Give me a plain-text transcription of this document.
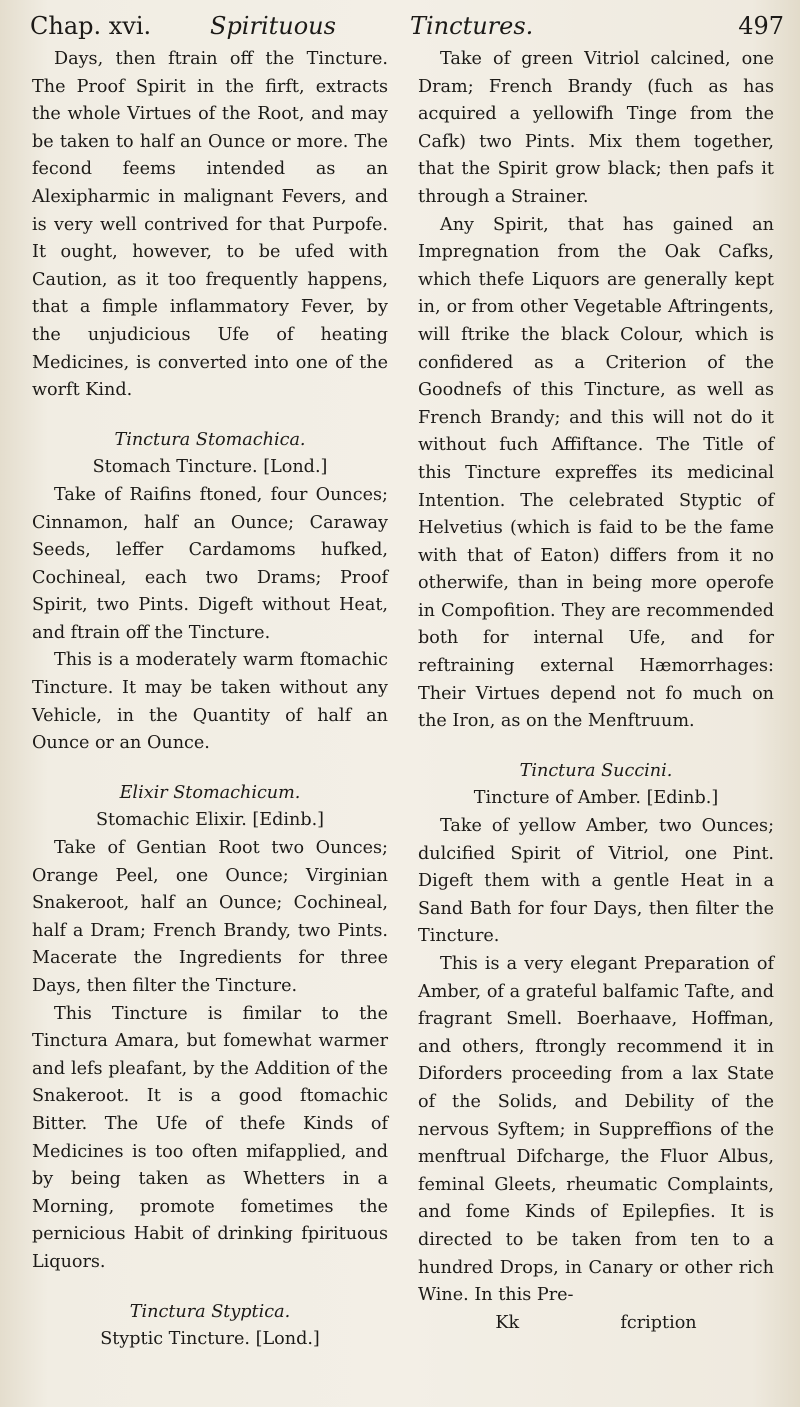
Chap. xvi. Spirituous	Tinctures.	497

Days, then ftrain off the Tincture. The Proof Spirit in the firft, extracts the whole Virtues of the Root, and may be taken to half an Ounce or more. The fecond feems intended as an Alexipharmic in malignant Fevers, and is very well contrived for that Purpofe. It ought, however, to be ufed with Caution, as it too frequently happens, that a fimple inflammatory Fever, by the unjudicious Ufe of heating Medicines, is converted into one of the worft Kind.

Tinctura Stomachica.

Stomach Tincture. [Lond.]

Take of Raifins ftoned, four Ounces; Cinnamon, half an Ounce; Caraway Seeds, leffer Cardamoms hufked, Cochineal, each two Drams; Proof Spirit, two Pints. Digeft without Heat, and ftrain off the Tincture.

This is a moderately warm ftomachic Tincture. It may be taken without any Vehicle, in the Quantity of half an Ounce or an Ounce.

Elixir Stomachicum.

Stomachic Elixir. [Edinb.]

Take of Gentian Root two Ounces; Orange Peel, one Ounce; Virginian Snakeroot, half an Ounce; Cochineal, half a Dram; French Brandy, two Pints. Macerate the Ingredients for three Days, then filter the Tincture.

This Tincture is fimilar to the Tinctura Amara, but fomewhat warmer and lefs pleafant, by the Addition of the Snakeroot. It is a good ftomachic Bitter. The Ufe of thefe Kinds of Medicines is too often mifapplied, and by being taken as Whetters in a Morning, promote fometimes the pernicious Habit of drinking fpirituous Liquors.

Tinctura Styptica.

Styptic Tincture. [Lond.]

Take of green Vitriol calcined, one Dram; French Brandy (fuch as has acquired a yellowifh Tinge from the Cafk) two Pints. Mix them together, that the Spirit grow black; then pafs it through a Strainer.

Any Spirit, that has gained an Impregnation from the Oak Cafks, which thefe Liquors are generally kept in, or from other Vegetable Aftringents, will ftrike the black Colour, which is confidered as a Criterion of the Goodnefs of this Tincture, as well as French Brandy; and this will not do it without fuch Affiftance. The Title of this Tincture expreffes its medicinal Intention. The celebrated Styptic of Helvetius (which is faid to be the fame with that of Eaton) differs from it no otherwife, than in being more operofe in Compofition. They are recommended both for internal Ufe, and for reftraining external Hæmorrhages: Their Virtues depend not fo much on the Iron, as on the Menftruum.

Tinctura Succini.

Tincture of Amber. [Edinb.]

Take of yellow Amber, two Ounces; dulcified Spirit of Vitriol, one Pint. Digeft them with a gentle Heat in a Sand Bath for four Days, then filter the Tincture.

This is a very elegant Preparation of Amber, of a grateful balfamic Tafte, and fragrant Smell. Boerhaave, Hoffman, and others, ftrongly recommend it in Diforders proceeding from a lax State of the Solids, and Debility of the nervous Syftem; in Suppreffions of the menftrual Difcharge, the Fluor Albus, feminal Gleets, rheumatic Complaints, and fome Kinds of Epilepfies. It is directed to be taken from ten to a hundred Drops, in Canary or other rich Wine. In this Pre-

Kk	fcription
